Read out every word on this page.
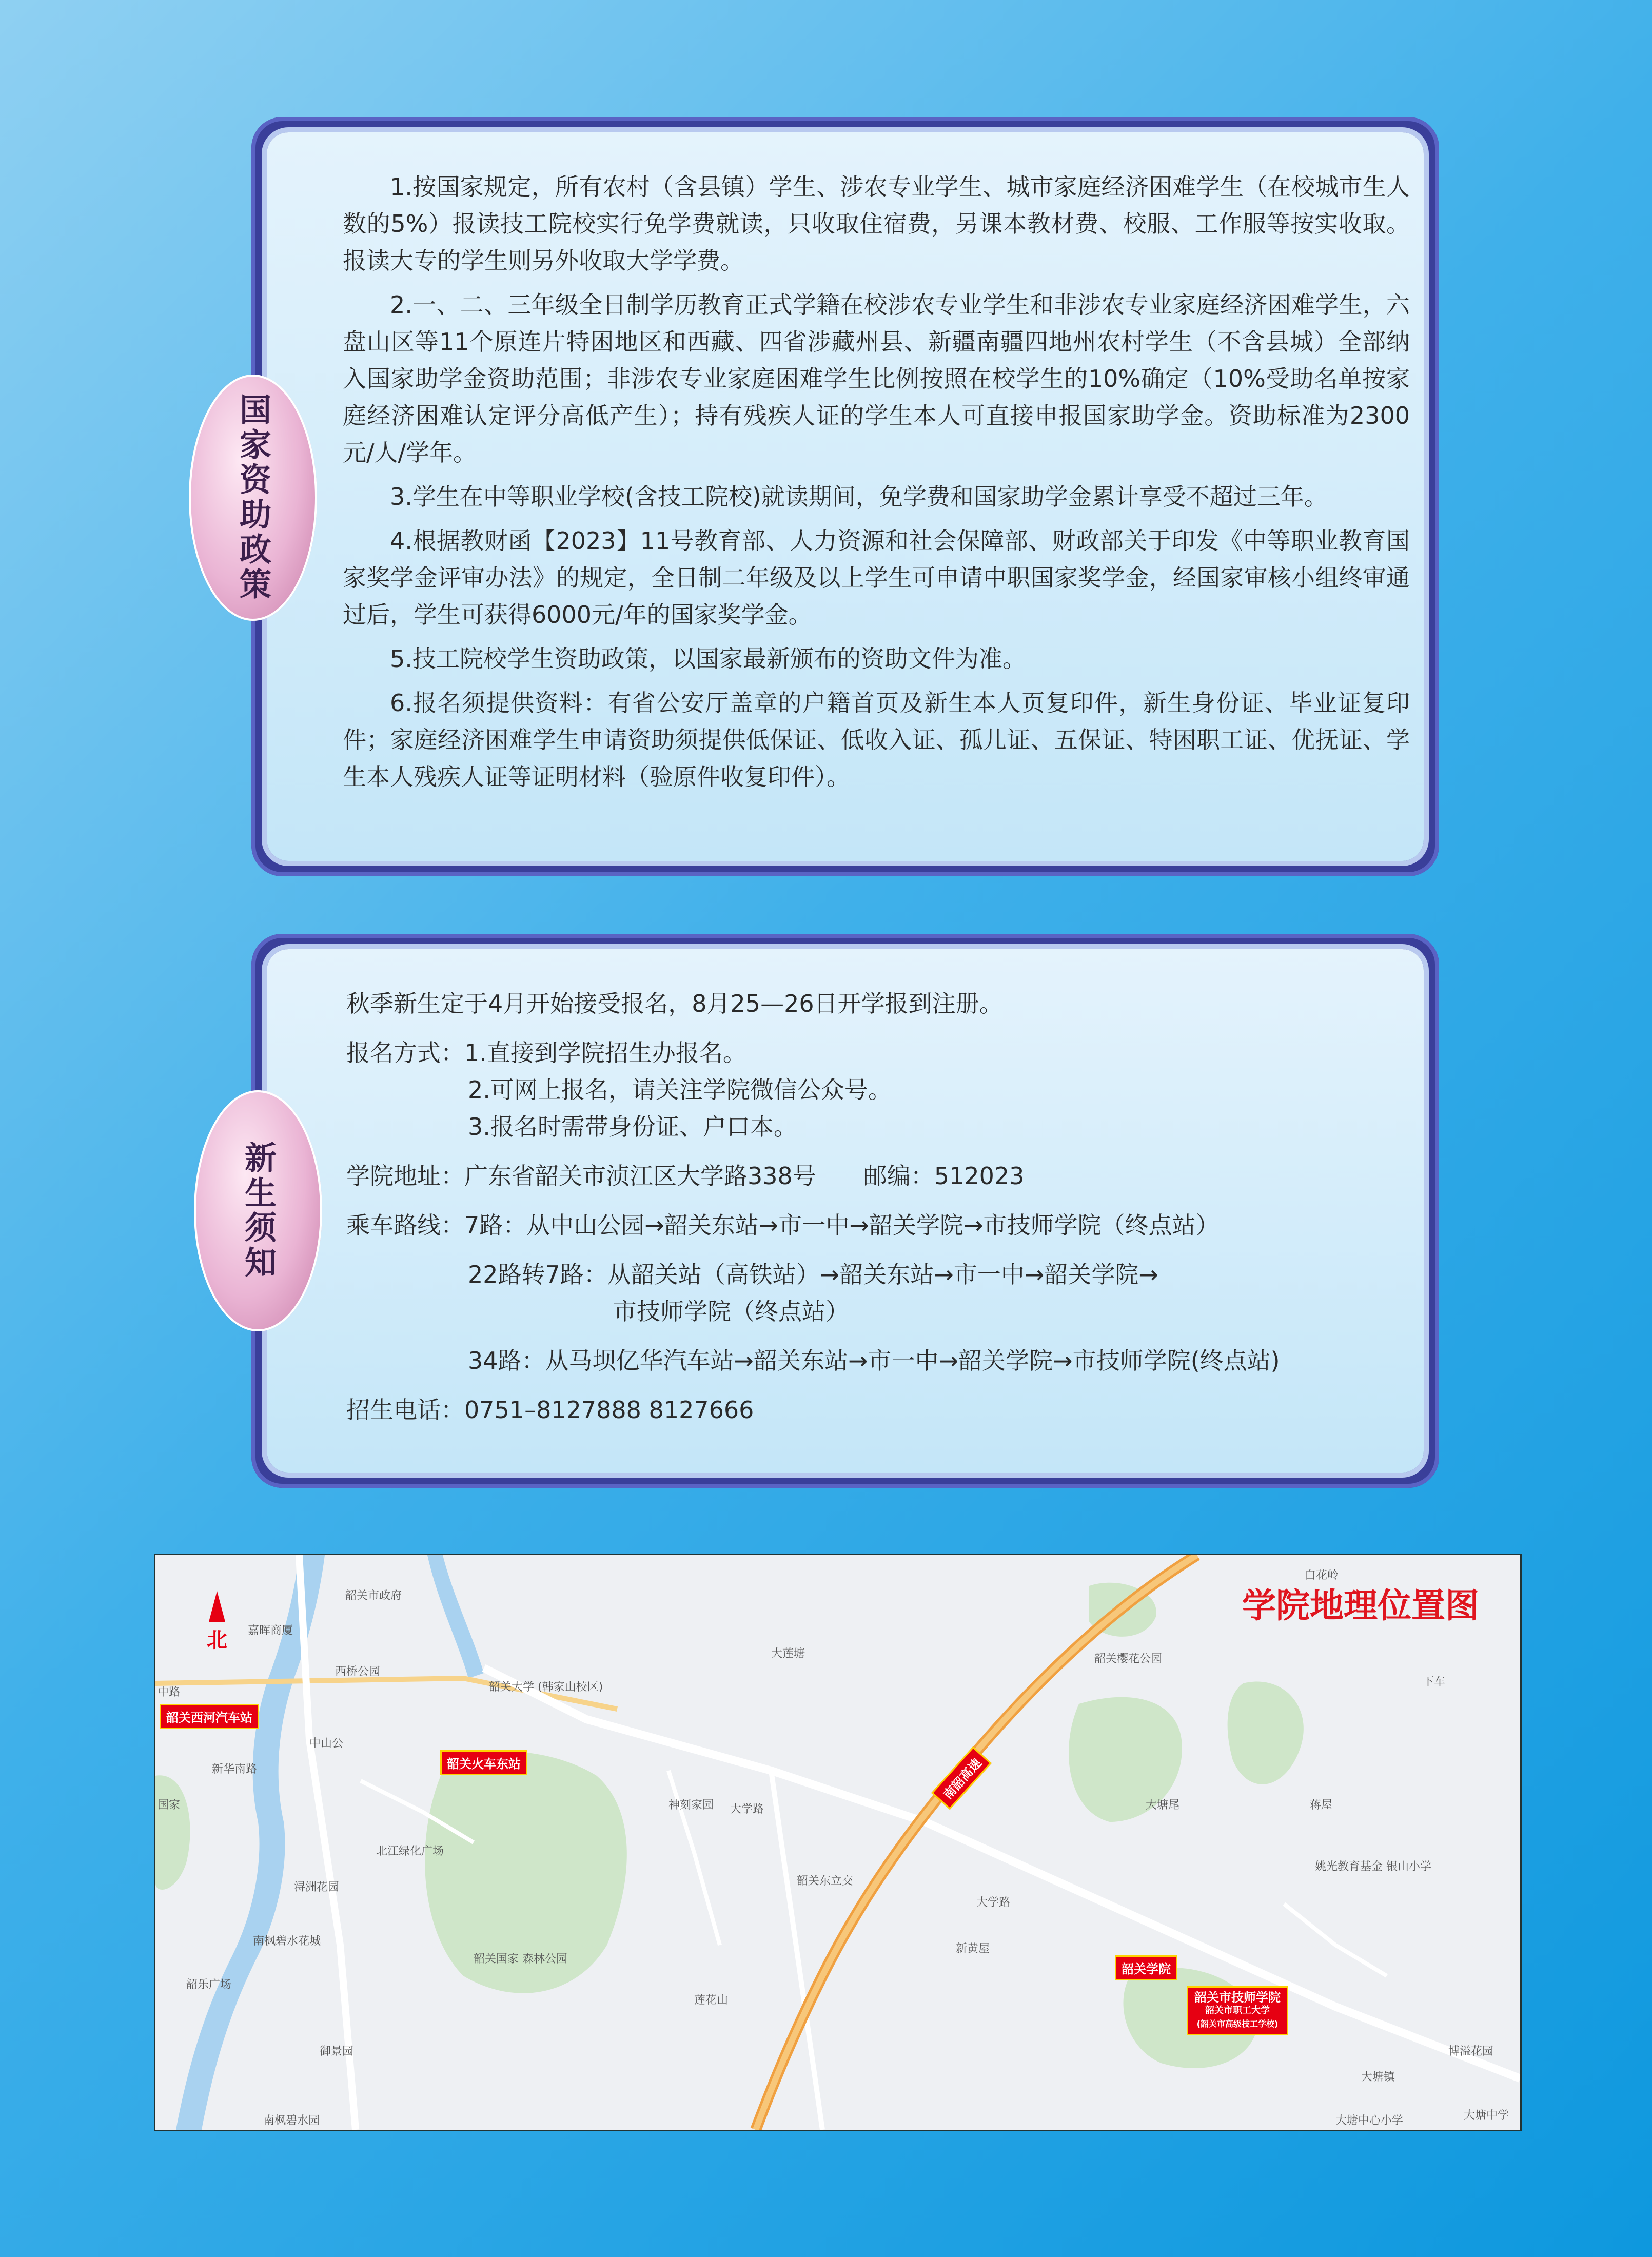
1.按国家规定，所有农村（含县镇）学生、涉农专业学生、城市家庭经济困难学生（在校城市生人数的5%）报读技工院校实行免学费就读，只收取住宿费，另课本教材费、校服、工作服等按实收取。报读大专的学生则另外收取大学学费。

2.一、二、三年级全日制学历教育正式学籍在校涉农专业学生和非涉农专业家庭经济困难学生，六盘山区等11个原连片特困地区和西藏、四省涉藏州县、新疆南疆四地州农村学生（不含县城）全部纳入国家助学金资助范围；非涉农专业家庭困难学生比例按照在校学生的10%确定（10%受助名单按家庭经济困难认定评分高低产生）；持有残疾人证的学生本人可直接申报国家助学金。资助标准为2300元/人/学年。

3.学生在中等职业学校(含技工院校)就读期间，免学费和国家助学金累计享受不超过三年。

4.根据教财函【2023】11号教育部、人力资源和社会保障部、财政部关于印发《中等职业教育国家奖学金评审办法》的规定，全日制二年级及以上学生可申请中职国家奖学金，经国家审核小组终审通过后，学生可获得6000元/年的国家奖学金。

5.技工院校学生资助政策，以国家最新颁布的资助文件为准。

6.报名须提供资料：有省公安厅盖章的户籍首页及新生本人页复印件，新生身份证、毕业证复印件；家庭经济困难学生申请资助须提供低保证、低收入证、孤儿证、五保证、特困职工证、优抚证、学生本人残疾人证等证明材料（验原件收复印件）。

国家资助政策

秋季新生定于4月开始接受报名，8月25—26日开学报到注册。

报名方式：1.直接到学院招生办报名。

2.可网上报名，请关注学院微信公众号。

3.报名时需带身份证、户口本。

学院地址：广东省韶关市浈江区大学路338号　　邮编：512023

乘车路线：7路：从中山公园→韶关东站→市一中→韶关学院→市技师学院（终点站）

22路转7路：从韶关站（高铁站）→韶关东站→市一中→韶关学院→

市技师学院（终点站）

34路：从马坝亿华汽车站→韶关东站→市一中→韶关学院→市技师学院(终点站)

招生电话：0751–8127888 8127666

新生须知
北
学院地理位置图
韶关市政府
嘉晖商厦
中路
西桥公园
中山公
新华南路
韶关大学 (韩家山校区)
大莲塘	韶关樱花公园
下车
白花岭
神刻家园 大学路
韶关东立交
大学路
北江绿化广场
浔洲花园
南枫碧水花城
韶乐广场
御景园
南枫碧水园
韶关国家 森林公园
莲花山
新黄屋
大塘尾	蒋屋
姚光教育基金 银山小学
大塘镇
博溢花园
大塘中心小学	大塘中学
国家
韶关西河汽车站
韶关火车东站	南韶高速
韶关学院
韶关市技师学院
韶关市职工大学
(韶关市高级技工学校)
